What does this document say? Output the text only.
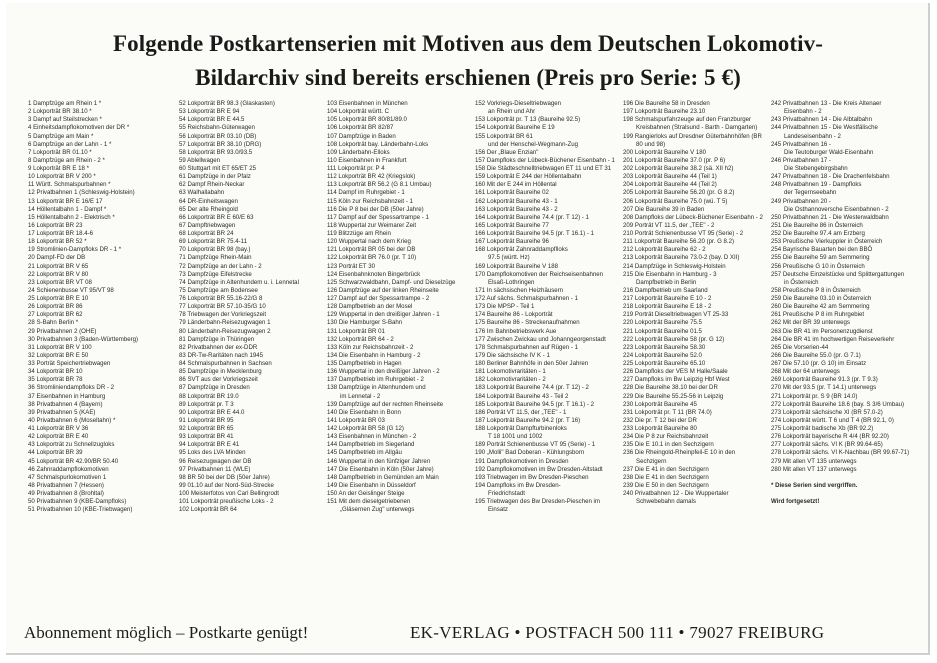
Folgende Postkartenserien mit Motiven aus dem Deutschen Lokomotiv-
Bildarchiv sind bereits erschienen (Preis pro Serie: 5 €)
1 Dampfzüge am Rhein 1 *
2 Lokporträt BR 38.10 *
3 Dampf auf Steilstrecken *
4 Einheitsdampflokomotiven der DR *
5 Dampfzüge am Main *
6 Dampfzüge an der Lahn - 1 *
7 Lokporträt BR 01.10 *
8 Dampfzüge am Rhein - 2 *
9 Lokporträt BR E 18 *
10 Lokporträt BR V 200 *
11 Württ. Schmalspurbahnen *
12 Privatbahnen 1 (Schleswig-Holstein)
13 Lokporträt BR E 16/E 17
14 Höllentalbahn 1 - Dampf *
15 Höllentalbahn 2 - Elektrisch *
16 Lokporträt BR 23
17 Lokporträt BR 18.4-6
18 Lokporträt BR 52 *
19 Stromlinien-Dampfloks DR - 1 *
20 Dampf-FD der DB
21 Lokporträt BR V 65
22 Lokporträt BR V 80
23 Lokporträt BR VT 08
24 Schienenbusse VT 95/VT 98
25 Lokporträt BR E 10
26 Lokporträt BR 86
27 Lokporträt BR 62
28 S-Bahn Berlin *
29 Privatbahnen 2 (OHE)
30 Privatbahnen 3 (Baden-Württemberg)
31 Lokporträt BR V 100
32 Lokporträt BR E 50
33 Porträt Speichertriebwagen
34 Lokporträt BR 10
35 Lokporträt BR 78
36 Stromliniendampfloks DR - 2
37 Eisenbahnen in Hamburg
38 Privatbahnen 4 (Bayern)
39 Privatbahnen 5 (KAE)
40 Privatbahnen 6 (Moseltahn) *
41 Lokporträt BR V 36
42 Lokporträt BR E 40
43 Lokporträt zu Schnellzugloks
44 Lokporträt BR 39
45 Lokporträt BR 42.90/BR 50.40
46 Zahnraddampflokomotiven
47 Schmalspurlokomotiven 1
48 Privatbahnen 7 (Hessen)
49 Privatbahnen 8 (Brohltal)
50 Privatbahnen 9 (KBE-Dampfloks)
51 Privatbahnen 10 (KBE-Triebwagen)
52 Lokporträt BR 98.3 (Glaskasten)
53 Lokporträt BR E 94
54 Lokporträt BR E 44.5
55 Reichsbahn-Güterwagen
56 Lokporträt BR 03.10 (DB)
57 Lokporträt BR 38.10 (DRG)
58 Lokporträt BR 93.0/93.5
59 Ablellwagen
60 Stuttgart mit ET 65/ET 25
61 Dampfzüge in der Pfalz
62 Dampf Rhein-Neckar
63 Walhallabahn
64 DR-Einheitswagen
65 Der alte Rheingold
66 Lokporträt BR E 60/E 63
67 Dampftriebwagen
68 Lokporträt BR 24
69 Lokporträt BR 75.4-11
70 Lokporträt BR 98 (bay.)
71 Dampfzüge Rhein-Main
72 Dampfzüge an der Lahn - 2
73 Dampfzüge Eifelstrecke
74 Dampfzüge in Altenhundem u. i. Lennetal
75 Dampfzüge am Bodensee
76 Lokporträt BR 55.16-22/G 8
77 Lokporträt BR 57.10-35/G 10
78 Triebwagen der Vorkriegszeit
79 Länderbahn-Reisezugwagen 1
80 Länderbahn-Reisezugwagen 2
81 Dampfzüge in Thüringen
82 Privatbahnen der ex-DDR
83 DR-Tw-Raritäten nach 1945
84 Schmalspurbahnen in Sachsen
85 Dampfzüge in Mecklenburg
86 SVT aus der Vorkriegszeit
87 Dampfzüge in Dresden
88 Lokporträt BR 19.0
89 Lokporträt pr. T 3
90 Lokporträt BR E 44.0
91 Lokporträt BR 95
92 Lokporträt BR 65
93 Lokporträt BR 41
94 Lokporträt BR E 41
95 Loks des LVA Minden
96 Reisezugwagen der DB
97 Privatbahnen 11 (WLE)
98 BR 50 bei der DB (50er Jahre)
99 01.10 auf der Nord-Süd-Strecke
100 Meisterfotos von Carl Bellingrodt
101 Lokporträt preußische Loks - 2
102 Lokporträt BR 64
103 Eisenbahnen in München
104 Lokporträt württ. C
105 Lokporträt BR 80/81/89.0
106 Lokporträt BR 82/87
107 Dampfzüge in Baden
108 Lokporträt bay. Länderbahn-Loks
109 Länderbahn-Elloks
110 Eisenbahnen in Frankfurt
111 Lokporträt pr. P 4
112 Lokporträt BR 42 (Kriegslok)
113 Lokporträt BR 56.2 (G 8.1 Umbau)
114 Dampf im Ruhrgebiet - 1
115 Köln zur Reichsbahnzeit - 1
116 Die P 8 bei der DB (50er Jahre)
117 Dampf auf der Spessartrampe - 1
118 Wuppertal zur Weimarer Zeit
119 Blitzzüge am Rhein
120 Wuppertal nach dem Krieg
121 Lokporträt BR 05 bei der DB
122 Lokporträt BR 76.0 (pr. T 10)
123 Porträt ET 30
124 Eisenbahnknoten Bingerbrück
125 Schwarzwaldbahn, Dampf- und Dieselzüge
126 Dampfzüge auf der linken Rheinseite
127 Dampf auf der Spessartrampe - 2
128 Dampfbetrieb an der Mosel
129 Wuppertal in den dreißiger Jahren - 1
130 Die Hamburger S-Bahn
131 Lokporträt BR 01
132 Lokporträt BR 64 - 2
133 Köln zur Reichsbahnzeit - 2
134 Die Eisenbahn in Hamburg - 2
135 Dampfbetrieb in Hagen
136 Wuppertal in den dreißiger Jahren - 2
137 Dampfbetrieb im Ruhrgebiet - 2
138 Dampfzüge in Altenhundem und
im Lennetal - 2
139 Dampfzüge auf der rechten Rheinseite
140 Die Eisenbahn in Bonn
141 Lokporträt BR 03
142 Lokporträt BR 58 (G 12)
143 Eisenbahnen in München - 2
144 Dampfbetrieb im Siegerland
145 Dampfbetrieb im Allgäu
146 Wuppertal in den fünfziger Jahren
147 Die Eisenbahn in Köln (50er Jahre)
148 Dampfbetrieb in Gemünden am Main
149 Die Eisenbahn in Düsseldorf
150 An der Geislinger Steige
151 Mit dem dieselgetriebenen
„Gläsernen Zug" unterwegs
152 Vorkriegs-Dieseltriebwagen
an Rhein und Ahr
153 Lokporträt pr. T 13 (Baureihe 92.5)
154 Lokporträt Baureihe E 19
155 Lokporträt BR 61
und der Henschel-Wegmann-Zug
156 Der „Blaue Enzian"
157 Dampfloks der Lübeck-Büchener Eisenbahn - 1
158 Die Städteschnelltriebwagen ET 11 und ET 31
159 Lokporträt E 244 der Höllentalbahn
160 Mit der E 244 im Höllental
161 Lokporträt Baureihe 02
162 Lokporträt Baureihe 43 - 1
163 Lokporträt Baureihe 43 - 2
164 Lokporträt Baureihe 74.4 (pr. T 12) - 1
165 Lokporträt Baureihe 77
166 Lokporträt Baureihe 94.5 (pr. T 16.1) - 1
167 Lokporträt Baureihe 96
168 Lokporträt Zahnraddampflloks
97.5 (württ. Hz)
169 Lokporträt Baureihe V 188
170 Dampflokomotiven der Reichseisenbahnen
Elsaß-Lothringen
171 In sächsischen Heizhäusern
172 Auf sächs. Schmalspurbahnen - 1
173 Die MPSP - Teil 1
174 Baureihe 86 - Lokporträt
175 Baureihe 86 - Streckenaufnahmen
176 Im Bahnbetriebswerk Aue
177 Zwischen Zwickau und Johanngeorgenstadt
178 Schmalspurbahnen auf Rügen - 1
179 Die sächsische IV K - 1
180 Berliner Bahnhöfe in den 50er Jahren
181 Lokomotivraritäten - 1
182 Lokomotivraritäten - 2
183 Lokporträt Baureihe 74.4 (pr. T 12) - 2
184 Lokporträt Baureihe 43 - Teil 2
185 Lokporträt Baureihe 94.5 (pr. T 16.1) - 2
186 Porträt VT 11.5, der „TEE" - 1
187 Lokporträt Baureihe 94.2 (pr. T 16)
188 Lokporträt Dampfturbinenloks
T 18 1001 und 1002
189 Porträt Schienenbusse VT 95 (Serie) - 1
190 „Molli" Bad Doberan - Kühlungsborn
191 Dampflokomotiven in Dresden
192 Dampflokomotiven im Bw Dresden-Altstadt
193 Triebwagen im Bw Dresden-Pieschen
194 Dampfloks im Bw Dresden-
Friedrichstadt
195 Triebwagen des Bw Dresden-Pieschen im
Einsatz
196 Die Baureihe 58 in Dresden
197 Lokporträt Baureihe 23.10
198 Schmalspurfahrzeuge auf den Franzburger
Kreisbahnen (Stralsund - Barth - Damgarten)
199 Rangierloks auf Dresdner Güterbahnhöfen (BR
80 und 98)
200 Lokporträt Baureihe V 180
201 Lokporträt Baureihe 37.0 (pr. P 6)
202 Lokporträt Baureihe 38.2 (sä. XII h2)
203 Lokporträt Baureihe 44 (Teil 1)
204 Lokporträt Baureihe 44 (Teil 2)
205 Lokporträt Baureihe 56.20 (pr. G 8.2)
206 Lokporträt Baureihe 75.0 (wü. T 5)
207 Die Baureihe 39 in Baden
208 Dampfloks der Lübeck-Büchener Eisenbahn - 2
209 Porträt VT 11.5, der „TEE" - 2
210 Porträt Schienenbusse VT 95 (Serie) - 2
211 Lokporträt Baureihe 56.20 (pr. G 8.2)
212 Lokporträt Baureihe 62 - 2
213 Lokporträt Baureihe 73.0-2 (bay. D XII)
214 Dampfzüge in Schleswig-Holstein
215 Die Eisenbahn in Hamburg - 3
Dampfbetrieb in Berlin
216 Dampfbetrieb um Saarland
217 Lokporträt Baureihe E 10 - 2
218 Lokporträt Baureihe E 18 - 2
219 Porträt Dieseltriebwagen VT 25-33
220 Lokporträt Baureihe 75.5
221 Lokporträt Baureihe 01.5
222 Lokporträt Baureihe 58 (pr. G 12)
223 Lokporträt Baureihe 58.30
224 Lokporträt Baureihe 52.0
225 Lokporträt Baureihe 65.10
226 Dampfloks der VES M Halle/Saale
227 Dampfloks im Bw Leipzig Hbf West
228 Die Baureihe 38.10 bei der DR
229 Die Baureihe 55.25-56 in Leipzig
230 Lokporträt Baureihe 45
231 Lokporträt pr. T 11 (BR 74.0)
232 Die pr. T 12 bei der DR
233 Lokporträt Baureihe 80
234 Die P 8 zur Reichsbahnzeit
235 Die E 10.1 in den Sechzigern
236 Die Rheingold-Rheinpfeil-E 10 in den
Sechzigern
237 Die E 41 in den Sechzigern
238 Die E 41 in den Sechzigern
239 Die E 50 in den Sechzigern
240 Privatbahnen 12 - Die Wuppertaler
Schwebebahn damals
242 Privatbahnen 13 - Die Kreis Altenaer
Eisenbahn - 2
243 Privatbahnen 14 - Die Albtalbahn
244 Privatbahnen 15 - Die Westfälische
Landeseisenbahn - 2
245 Privatbahnen 16 -
Die Teutoburger Wald-Eisenbahn
246 Privatbahnen 17 -
Die Stebengebirgsbahn
247 Privatbahnen 18 - Die Drachenfelsbahn
248 Privatbahnen 19 - Dampfloks
der Tegernseebahn
249 Privatbahnen 20 -
Die Osthannoversche Eisenbahnen - 2
250 Privatbahnen 21 - Die Westerwaldbahn
251 Die Baureihe 86 in Österreich
252 Die Baureihe 97.4 am Erzberg
253 Preußische Vierkuppler in Österreich
254 Bayrische Bauarten bei den BBÖ
255 Die Baureihe 59 am Semmering
256 Preußische G 10 in Österreich
257 Deutsche Einzelstücke und Splittergattungen
in Österreich
258 Preußische P 8 in Österreich
259 Die Baureihe 03.10 in Österreich
260 Die Baureihe 42 am Semmering
261 Preußische P 8 im Ruhrgebiet
262 Mit der BR 39 unterwegs
263 Die BR 41 im Personenzugdienst
264 Die BR 41 im hochwertigen Reiseverkehr
265 Die Vorserien-44
266 Die Baureihe 55.0 (pr. G 7.1)
267 Die 57.10 (pr. G 10) im Einsatz
268 Mit der 64 unterwegs
269 Lokporträt Baureihe 91.3 (pr. T 9.3)
270 Mit der 93.5 (pr. T 14.1) unterwegs
271 Lokporträt pr. S 9 (BR 14.0)
272 Lokporträt Baureihe 18.6 (bay. S 3/6 Umbau)
273 Lokporträt sächsische XI (BR 57.0-2)
274 Lokporträt württ. T 6 und T 4 (BR 92.1, 0)
275 Lokporträt badische Xb (BR 92.2)
276 Lokporträt bayerische R 4/4 (BR 92.20)
277 Lokporträt sächs. VI K (BR 99.64-65)
278 Lokporträt sächs. VI K-Nachbau (BR 99.67-71)
279 Mit allen VT 135 unterwegs
280 Mit allen VT 137 unterwegs
* Diese Serien sind vergriffen.
Wird fortgesetzt!
Abonnement möglich – Postkarte genügt!	EK-VERLAG • POSTFACH 500 111 • 79027 FREIBURG
